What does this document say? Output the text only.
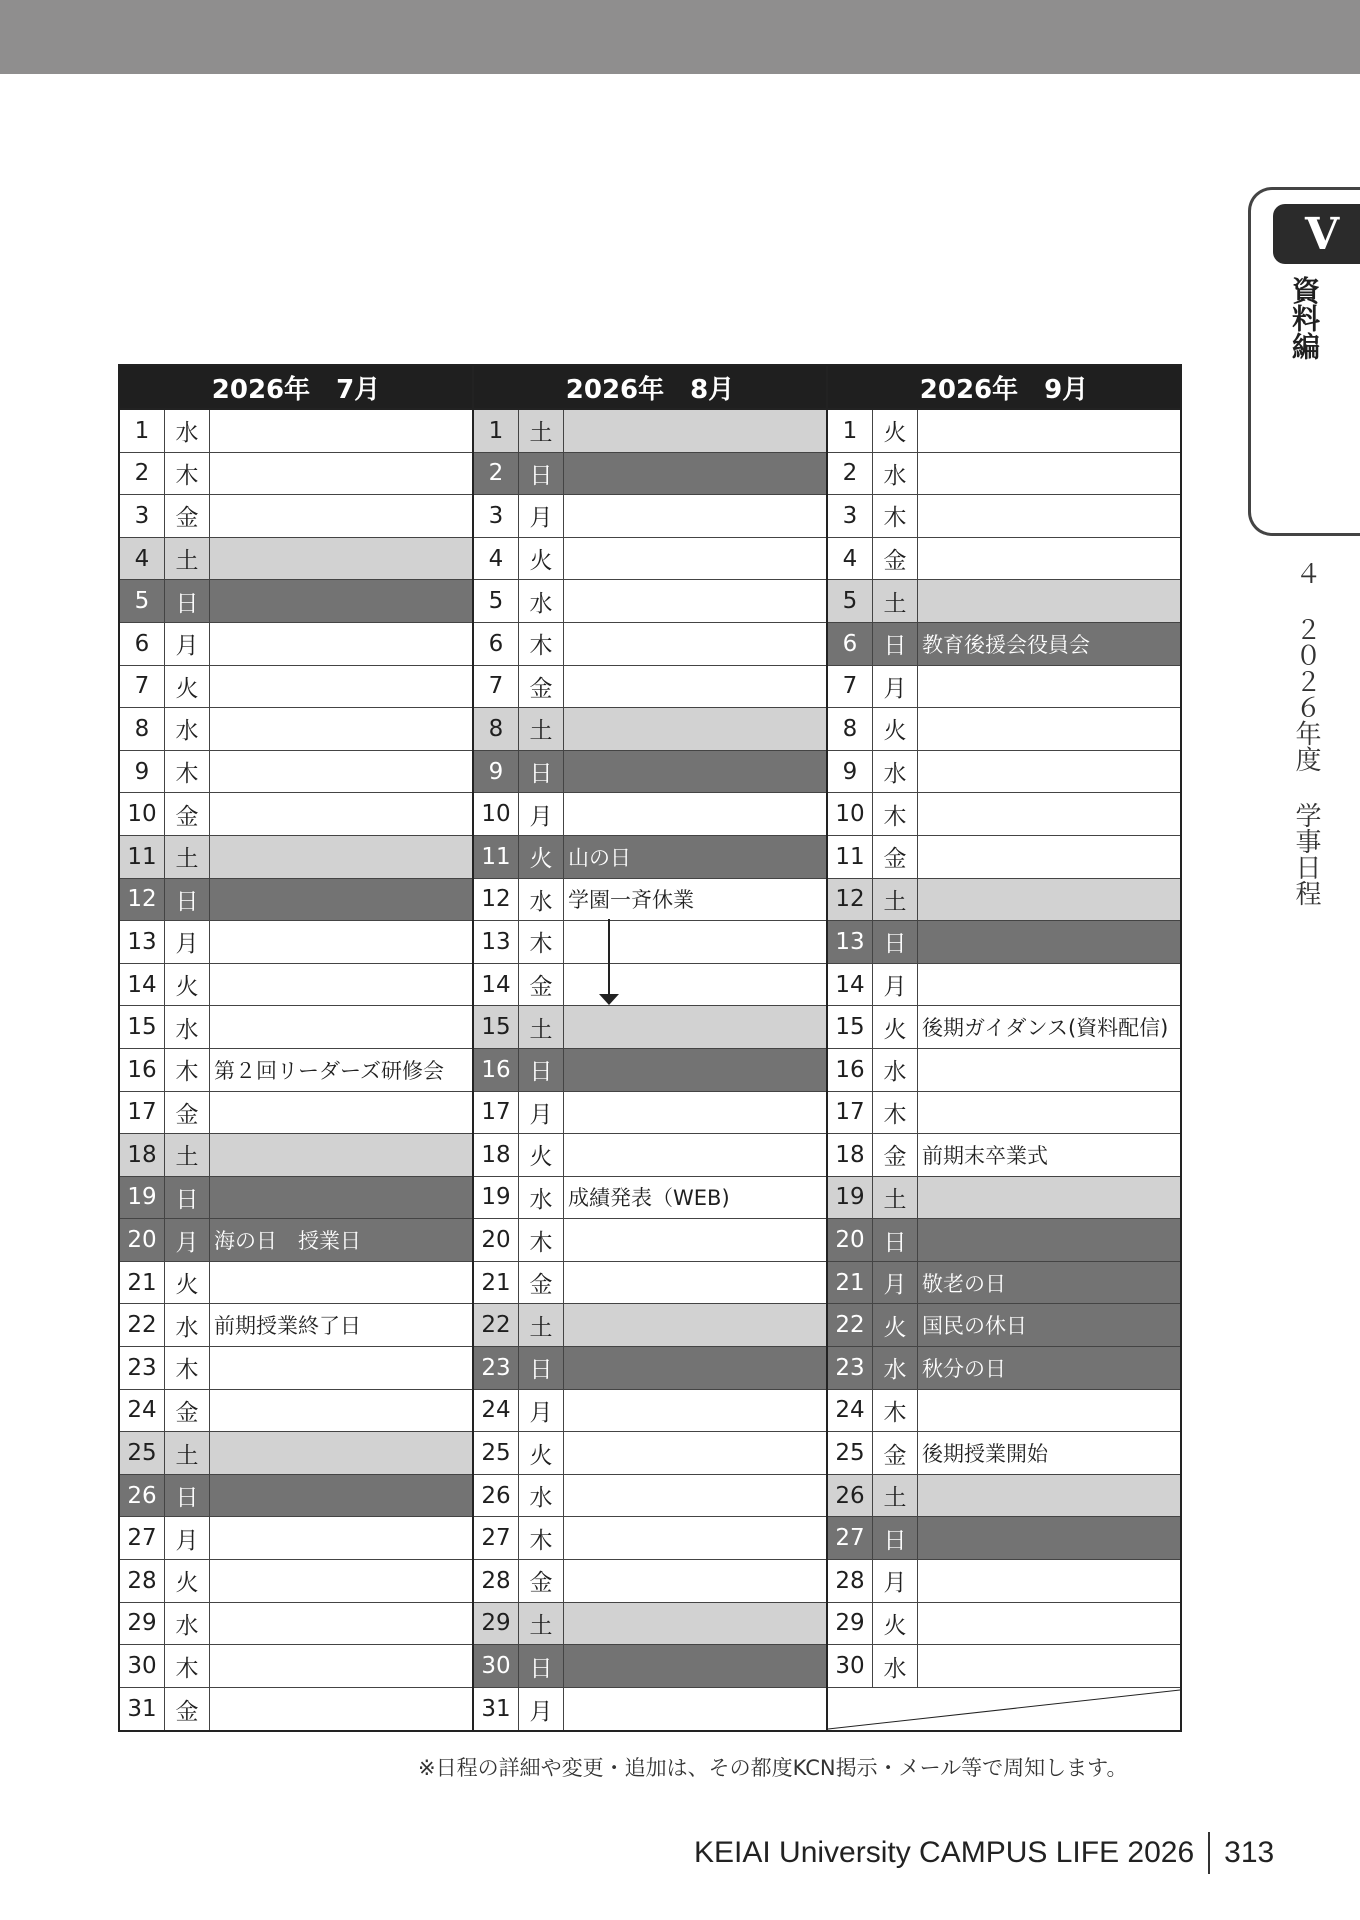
V
資料編
４ ２０２６年度 学事日程
2026年　7月
1	水
2	木
3	金
4	土
5	日
6	月
7	火
8	水
9	木
10 金
11 土
12 日
13 月
14 火
15 水
16 木 第２回リーダーズ研修会
17 金
18 土
19 日
20 月 海の日　授業日
21 火
22 水 前期授業終了日
23 木
24 金
25 土
26 日
27 月
28 火
29 水
30 木
31 金
2026年　8月
1	土
2	日
3	月
4	火
5	水
6	木
7	金
8	土
9	日
10 月
11 火 山の日
12 水 学園一斉休業
13 木
14 金
15 土
16 日
17 月
18 火
19 水 成績発表（WEB)
20 木
21 金
22 土
23 日
24 月
25 火
26 水
27 木
28 金
29 土
30 日
31 月
2026年　9月
1	火
2	水
3	木
4	金
5	土
6	日 教育後援会役員会
7	月
8	火
9	水
10 木
11 金
12 土
13 日
14 月
15 火 後期ガイダンス(資料配信)
16 水
17 木
18 金 前期末卒業式
19 土
20 日
21 月 敬老の日
22 火 国民の休日
23 水 秋分の日
24 木
25 金 後期授業開始
26 土
27 日
28 月
29 火
30 水
※日程の詳細や変更・追加は、その都度KCN掲示・メール等で周知します。
KEIAI University CAMPUS LIFE 2026 313
